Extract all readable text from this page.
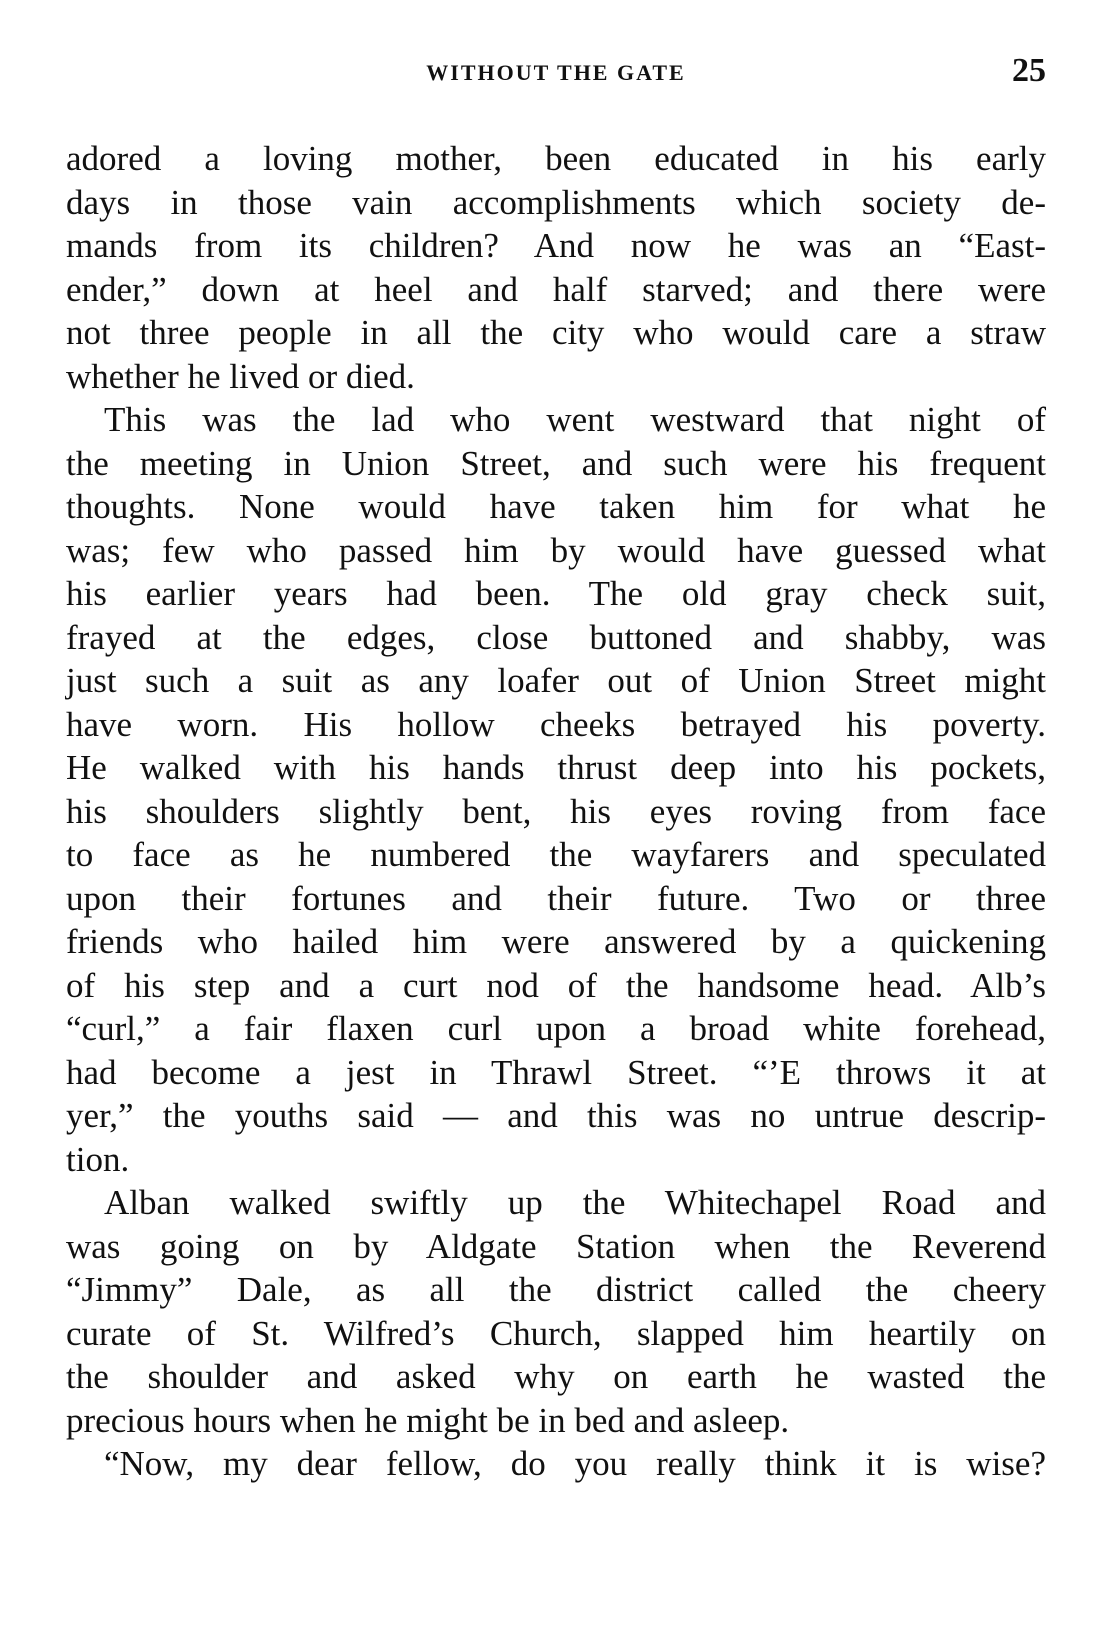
WITHOUT THE GATE	25
adored a loving mother, been educated in his early
days in those vain accomplishments which society de-
mands from its children? And now he was an “East-
ender,” down at heel and half starved; and there were
not three people in all the city who would care a straw
whether he lived or died.
This was the lad who went westward that night of
the meeting in Union Street, and such were his frequent
thoughts. None would have taken him for what he
was; few who passed him by would have guessed what
his earlier years had been. The old gray check suit,
frayed at the edges, close buttoned and shabby, was
just such a suit as any loafer out of Union Street might
have worn. His hollow cheeks betrayed his poverty.
He walked with his hands thrust deep into his pockets,
his shoulders slightly bent, his eyes roving from face
to face as he numbered the wayfarers and speculated
upon their fortunes and their future. Two or three
friends who hailed him were answered by a quickening
of his step and a curt nod of the handsome head. Alb’s
“curl,” a fair flaxen curl upon a broad white forehead,
had become a jest in Thrawl Street. “’E throws it at
yer,” the youths said — and this was no untrue descrip-
tion.
Alban walked swiftly up the Whitechapel Road and
was going on by Aldgate Station when the Reverend
“Jimmy” Dale, as all the district called the cheery
curate of St. Wilfred’s Church, slapped him heartily on
the shoulder and asked why on earth he wasted the
precious hours when he might be in bed and asleep.
“Now, my dear fellow, do you really think it is wise?
